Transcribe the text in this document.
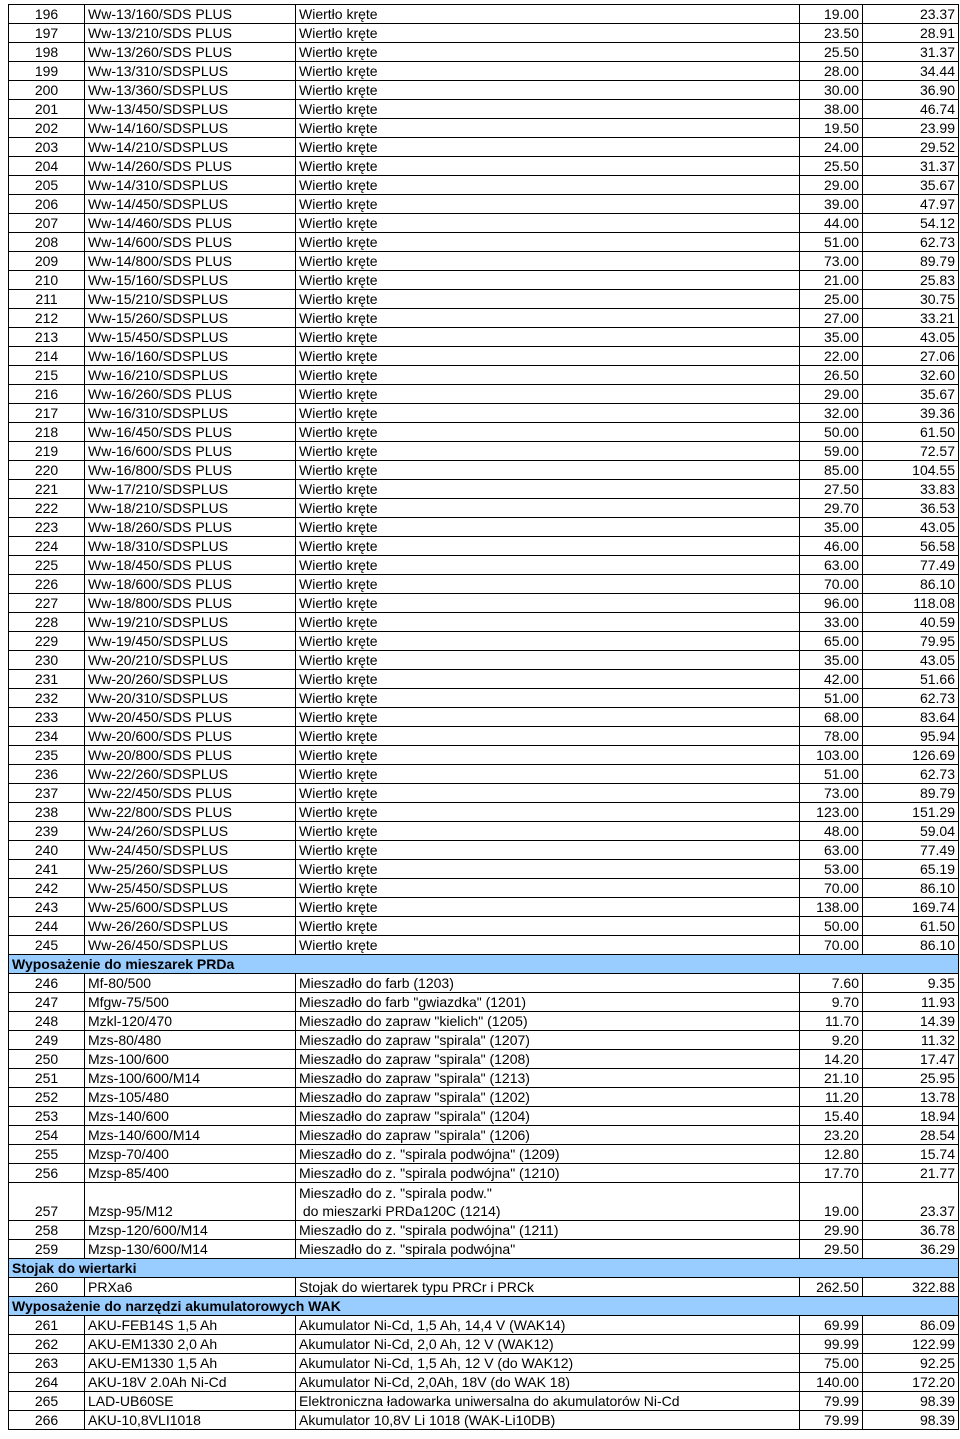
196	Ww-13/160/SDS PLUS	Wiertło kręte	19.00	23.37
197	Ww-13/210/SDS PLUS	Wiertło kręte	23.50	28.91
198	Ww-13/260/SDS PLUS	Wiertło kręte	25.50	31.37
199	Ww-13/310/SDSPLUS	Wiertło kręte	28.00	34.44
200	Ww-13/360/SDSPLUS	Wiertło kręte	30.00	36.90
201	Ww-13/450/SDSPLUS	Wiertło kręte	38.00	46.74
202	Ww-14/160/SDSPLUS	Wiertło kręte	19.50	23.99
203	Ww-14/210/SDSPLUS	Wiertło kręte	24.00	29.52
204	Ww-14/260/SDS PLUS	Wiertło kręte	25.50	31.37
205	Ww-14/310/SDSPLUS	Wiertło kręte	29.00	35.67
206	Ww-14/450/SDSPLUS	Wiertło kręte	39.00	47.97
207	Ww-14/460/SDS PLUS	Wiertło kręte	44.00	54.12
208	Ww-14/600/SDS PLUS	Wiertło kręte	51.00	62.73
209	Ww-14/800/SDS PLUS	Wiertło kręte	73.00	89.79
210	Ww-15/160/SDSPLUS	Wiertło kręte	21.00	25.83
211	Ww-15/210/SDSPLUS	Wiertło kręte	25.00	30.75
212	Ww-15/260/SDSPLUS	Wiertło kręte	27.00	33.21
213	Ww-15/450/SDSPLUS	Wiertło kręte	35.00	43.05
214	Ww-16/160/SDSPLUS	Wiertło kręte	22.00	27.06
215	Ww-16/210/SDSPLUS	Wiertło kręte	26.50	32.60
216	Ww-16/260/SDS PLUS	Wiertło kręte	29.00	35.67
217	Ww-16/310/SDSPLUS	Wiertło kręte	32.00	39.36
218	Ww-16/450/SDS PLUS	Wiertło kręte	50.00	61.50
219	Ww-16/600/SDS PLUS	Wiertło kręte	59.00	72.57
220	Ww-16/800/SDS PLUS	Wiertło kręte	85.00	104.55
221	Ww-17/210/SDSPLUS	Wiertło kręte	27.50	33.83
222	Ww-18/210/SDSPLUS	Wiertło kręte	29.70	36.53
223	Ww-18/260/SDS PLUS	Wiertło kręte	35.00	43.05
224	Ww-18/310/SDSPLUS	Wiertło kręte	46.00	56.58
225	Ww-18/450/SDS PLUS	Wiertło kręte	63.00	77.49
226	Ww-18/600/SDS PLUS	Wiertło kręte	70.00	86.10
227	Ww-18/800/SDS PLUS	Wiertło kręte	96.00	118.08
228	Ww-19/210/SDSPLUS	Wiertło kręte	33.00	40.59
229	Ww-19/450/SDSPLUS	Wiertło kręte	65.00	79.95
230	Ww-20/210/SDSPLUS	Wiertło kręte	35.00	43.05
231	Ww-20/260/SDSPLUS	Wiertło kręte	42.00	51.66
232	Ww-20/310/SDSPLUS	Wiertło kręte	51.00	62.73
233	Ww-20/450/SDS PLUS	Wiertło kręte	68.00	83.64
234	Ww-20/600/SDS PLUS	Wiertło kręte	78.00	95.94
235	Ww-20/800/SDS PLUS	Wiertło kręte	103.00	126.69
236	Ww-22/260/SDSPLUS	Wiertło kręte	51.00	62.73
237	Ww-22/450/SDS PLUS	Wiertło kręte	73.00	89.79
238	Ww-22/800/SDS PLUS	Wiertło kręte	123.00	151.29
239	Ww-24/260/SDSPLUS	Wiertło kręte	48.00	59.04
240	Ww-24/450/SDSPLUS	Wiertło kręte	63.00	77.49
241	Ww-25/260/SDSPLUS	Wiertło kręte	53.00	65.19
242	Ww-25/450/SDSPLUS	Wiertło kręte	70.00	86.10
243	Ww-25/600/SDSPLUS	Wiertło kręte	138.00	169.74
244	Ww-26/260/SDSPLUS	Wiertło kręte	50.00	61.50
245	Ww-26/450/SDSPLUS	Wiertło kręte	70.00	86.10
Wyposażenie do mieszarek PRDa				
246	Mf-80/500	Mieszadło do farb (1203)	7.60	9.35
247	Mfgw-75/500	Mieszadło do farb "gwiazdka" (1201)	9.70	11.93
248	Mzkl-120/470	Mieszadło do zapraw "kielich" (1205)	11.70	14.39
249	Mzs-80/480	Mieszadło do zapraw "spirala" (1207)	9.20	11.32
250	Mzs-100/600	Mieszadło do zapraw "spirala" (1208)	14.20	17.47
251	Mzs-100/600/M14	Mieszadło do zapraw "spirala" (1213)	21.10	25.95
252	Mzs-105/480	Mieszadło do zapraw "spirala" (1202)	11.20	13.78
253	Mzs-140/600	Mieszadło do zapraw "spirala" (1204)	15.40	18.94
254	Mzs-140/600/M14	Mieszadło do zapraw "spirala" (1206)	23.20	28.54
255	Mzsp-70/400	Mieszadło do z. "spirala podwójna" (1209)	12.80	15.74
256	Mzsp-85/400	Mieszadło do z. "spirala podwójna" (1210)	17.70	21.77
257	Mzsp-95/M12	Mieszadło do z. "spirala podw."
do mieszarki PRDa120C (1214)	19.00	23.37
258	Mzsp-120/600/M14	Mieszadło do z. "spirala podwójna" (1211)	29.90	36.78
259	Mzsp-130/600/M14	Mieszadło do z. "spirala podwójna"	29.50	36.29
Stojak do wiertarki				
260	PRXa6	Stojak do wiertarek typu PRCr i PRCk	262.50	322.88
Wyposażenie do narzędzi akumulatorowych WAK				
261	AKU-FEB14S 1,5 Ah	Akumulator Ni-Cd, 1,5 Ah, 14,4 V (WAK14)	69.99	86.09
262	AKU-EM1330 2,0 Ah	Akumulator Ni-Cd, 2,0 Ah, 12 V (WAK12)	99.99	122.99
263	AKU-EM1330 1,5 Ah	Akumulator Ni-Cd, 1,5 Ah, 12 V (do WAK12)	75.00	92.25
264	AKU-18V 2.0Ah Ni-Cd	Akumulator Ni-Cd, 2,0Ah, 18V (do WAK 18)	140.00	172.20
265	LAD-UB60SE	Elektroniczna ładowarka uniwersalna do akumulatorów Ni-Cd	79.99	98.39
266	AKU-10,8VLI1018	Akumulator 10,8V Li 1018 (WAK-Li10DB)	79.99	98.39
